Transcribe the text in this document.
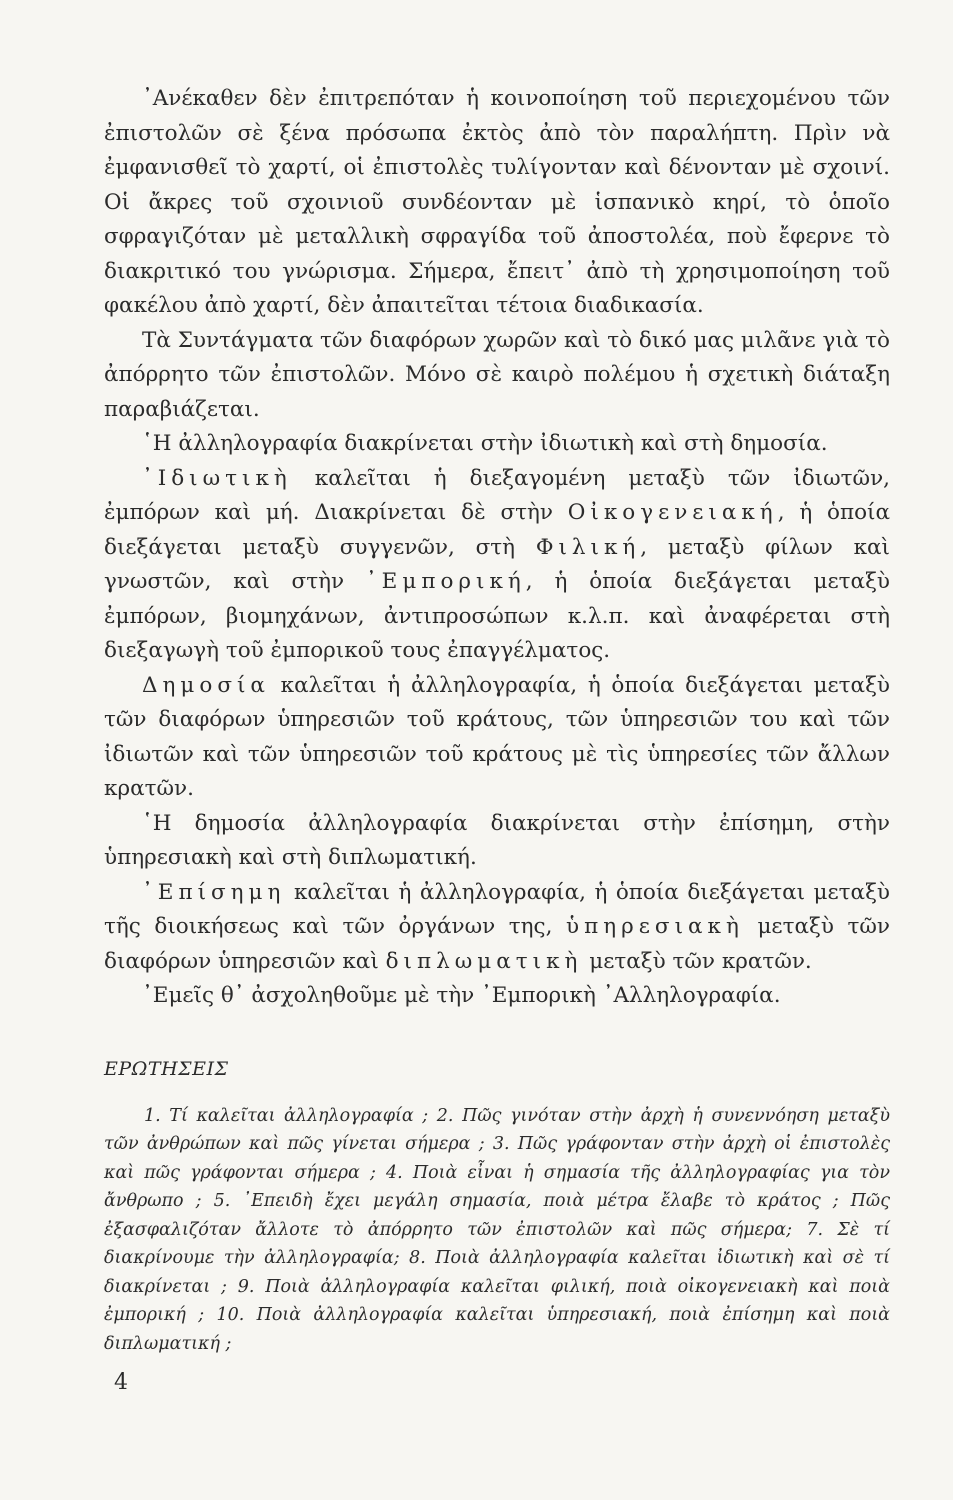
᾿Ανέκαθεν δὲν ἐπιτρεπόταν ἡ κοινοποίηση τοῦ περιεχομένου τῶν ἐπιστολῶν σὲ ξένα πρόσωπα ἐκτὸς ἀπὸ τὸν παραλήπτη. Πρὶν νὰ ἐμφανισθεῖ τὸ χαρτί, οἱ ἐπιστολὲς τυλίγονταν καὶ δένονταν μὲ σχοινί. Οἱ ἄκρες τοῦ σχοινιοῦ συνδέονταν μὲ ἱσπανικὸ κηρί, τὸ ὁποῖο σφραγιζόταν μὲ μεταλλικὴ σφραγίδα τοῦ ἀποστολέα, ποὺ ἔφερνε τὸ διακριτικό του γνώρισμα. Σήμερα, ἔπειτ᾿ ἀπὸ τὴ χρησιμοποίηση τοῦ φακέλου ἀπὸ χαρτί, δὲν ἀπαιτεῖται τέτοια διαδικασία.

Τὰ Συντάγματα τῶν διαφόρων χωρῶν καὶ τὸ δικό μας μιλᾶνε γιὰ τὸ ἀπόρρητο τῶν ἐπιστολῶν. Μόνο σὲ καιρὸ πολέμου ἡ σχετικὴ διάταξη παραβιάζεται.

῾Η ἀλληλογραφία διακρίνεται στὴν ἰδιωτικὴ καὶ στὴ δημοσία.

᾿Ιδιωτικὴ καλεῖται ἡ διεξαγομένη μεταξὺ τῶν ἰδιωτῶν, ἐμπόρων καὶ μή. Διακρίνεται δὲ στὴν Οἰκογενειακή, ἡ ὁποία διεξάγεται μεταξὺ συγγενῶν, στὴ Φιλική, μεταξὺ φίλων καὶ γνωστῶν, καὶ στὴν ᾿Εμπορική, ἡ ὁποία διεξάγεται μεταξὺ ἐμπόρων, βιομηχάνων, ἀντιπροσώπων κ.λ.π. καὶ ἀναφέρεται στὴ διεξαγωγὴ τοῦ ἐμπορικοῦ τους ἐπαγγέλματος.

Δημοσία καλεῖται ἡ ἀλληλογραφία, ἡ ὁποία διεξάγεται μεταξὺ τῶν διαφόρων ὑπηρεσιῶν τοῦ κράτους, τῶν ὑπηρεσιῶν του καὶ τῶν ἰδιωτῶν καὶ τῶν ὑπηρεσιῶν τοῦ κράτους μὲ τὶς ὑπηρεσίες τῶν ἄλλων κρατῶν.

῾Η δημοσία ἀλληλογραφία διακρίνεται στὴν ἐπίσημη, στὴν ὑπηρεσιακὴ καὶ στὴ διπλωματική.

᾿Επίσημη καλεῖται ἡ ἀλληλογραφία, ἡ ὁποία διεξάγεται μεταξὺ τῆς διοικήσεως καὶ τῶν ὀργάνων της, ὑπηρεσιακὴ μεταξὺ τῶν διαφόρων ὑπηρεσιῶν καὶ διπλωματικὴ μεταξὺ τῶν κρατῶν.

᾿Εμεῖς θ᾿ ἀσχοληθοῦμε μὲ τὴν ᾿Εμπορικὴ ᾿Αλληλογραφία.

ΕΡΩΤΗΣΕΙΣ
1. Τί καλεῖται ἀλληλογραφία ; 2. Πῶς γινόταν στὴν ἀρχὴ ἡ συνεννόηση μεταξὺ τῶν ἀνθρώπων καὶ πῶς γίνεται σήμερα ; 3. Πῶς γράφονταν στὴν ἀρχὴ οἱ ἐπιστολὲς καὶ πῶς γράφονται σήμερα ; 4. Ποιὰ εἶναι ἡ σημασία τῆς ἀλληλογραφίας για τὸν ἄνθρωπο ; 5. ᾿Επειδὴ ἔχει μεγάλη σημασία, ποιὰ μέτρα ἔλαβε τὸ κράτος ; Πῶς ἐξασφαλιζόταν ἄλλοτε τὸ ἀπόρρητο τῶν ἐπιστολῶν καὶ πῶς σήμερα; 7. Σὲ τί διακρίνουμε τὴν ἀλληλογραφία; 8. Ποιὰ ἀλληλογραφία καλεῖται ἰδιωτικὴ καὶ σὲ τί διακρίνεται ; 9. Ποιὰ ἀλληλογραφία καλεῖται φιλική, ποιὰ οἰκογενειακὴ καὶ ποιὰ ἐμπορική ; 10. Ποιὰ ἀλληλογραφία καλεῖται ὑπηρεσιακή, ποιὰ ἐπίσημη καὶ ποιὰ διπλωματική ;
4
